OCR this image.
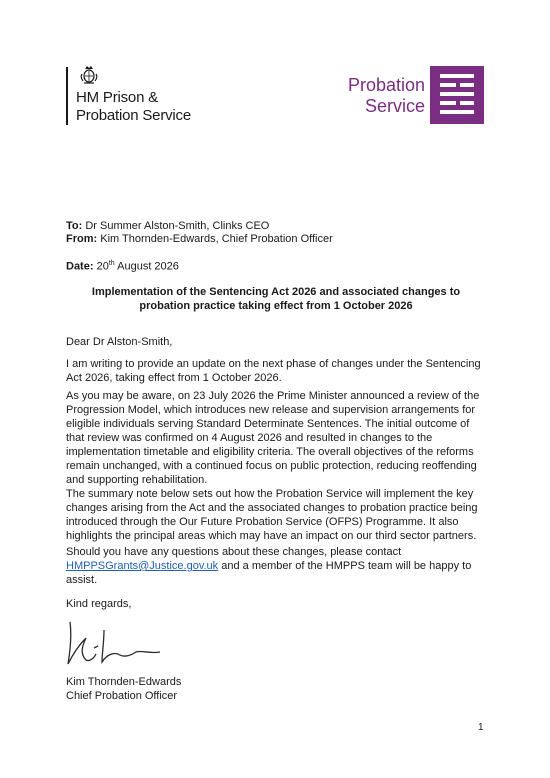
HM Prison &
Probation Service
Probation
Service
To: Dr Summer Alston-Smith, Clinks CEO
From: Kim Thornden-Edwards, Chief Probation Officer
Date: 20th August 2026
Implementation of the Sentencing Act 2026 and associated changes to
probation practice taking effect from 1 October 2026
Dear Dr Alston-Smith,
I am writing to provide an update on the next phase of changes under the Sentencing Act 2026, taking effect from 1 October 2026.
As you may be aware, on 23 July 2026 the Prime Minister announced a review of the Progression Model, which introduces new release and supervision arrangements for eligible individuals serving Standard Determinate Sentences. The initial outcome of that review was confirmed on 4 August 2026 and resulted in changes to the implementation timetable and eligibility criteria. The overall objectives of the reforms remain unchanged, with a continued focus on public protection, reducing reoffending and supporting rehabilitation.
The summary note below sets out how the Probation Service will implement the key changes arising from the Act and the associated changes to probation practice being introduced through the Our Future Probation Service (OFPS) Programme. It also highlights the principal areas which may have an impact on our third sector partners.
Should you have any questions about these changes, please contact HMPPSGrants@Justice.gov.uk and a member of the HMPPS team will be happy to assist.
Kind regards,
Kim Thornden-Edwards
Chief Probation Officer
1
